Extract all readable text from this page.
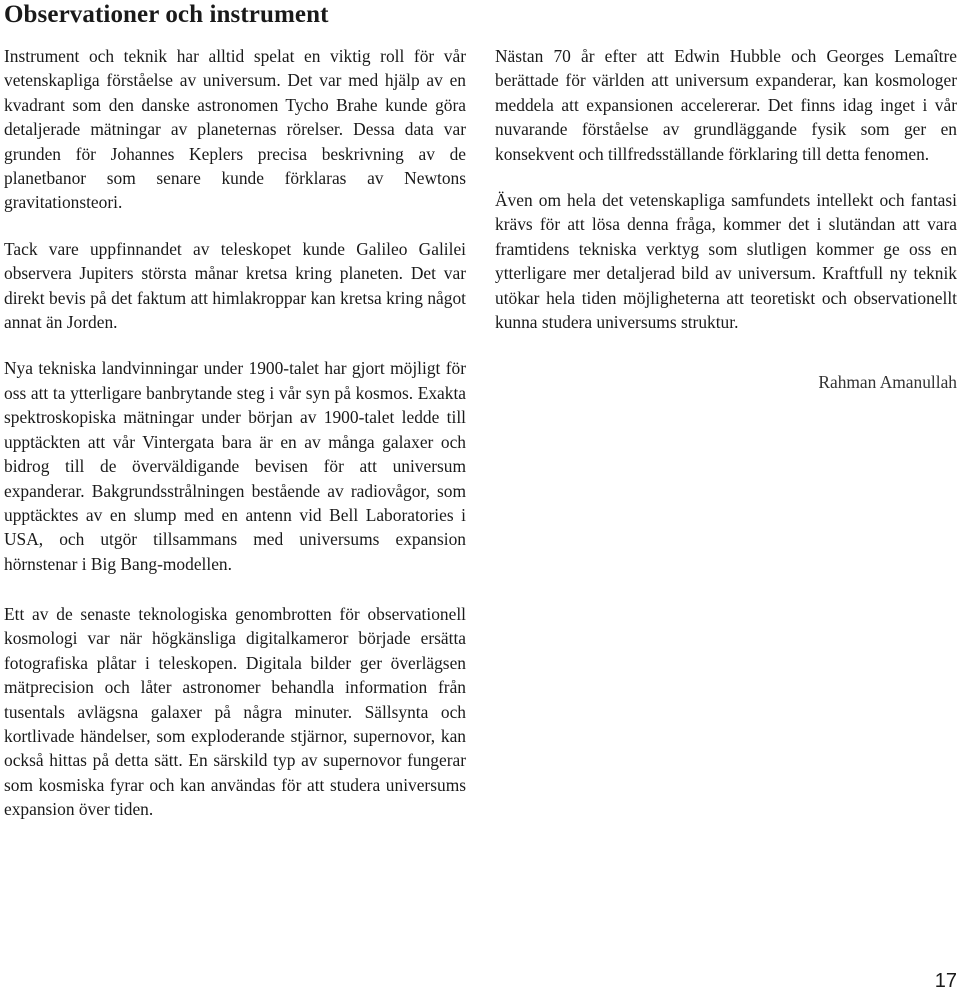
Observationer och instrument

Instrument och teknik har alltid spelat en viktig roll för vår vetenskapliga förståelse av universum. Det var med hjälp av en kvadrant som den danske astronomen Tycho Brahe kunde göra detaljerade mätningar av planeternas rörelser. Dessa data var grunden för Johannes Keplers precisa beskrivning av de planetbanor som senare kunde förklaras av Newtons gravitationsteori.

Tack vare uppfinnandet av teleskopet kunde Galileo Galilei observera Jupiters största månar kretsa kring planeten. Det var direkt bevis på det faktum att himlakroppar kan kretsa kring något annat än Jorden.

Nya tekniska landvinningar under 1900-talet har gjort möjligt för oss att ta ytterligare banbrytande steg i vår syn på kosmos. Exakta spektroskopiska mätningar under början av 1900-talet ledde till upptäckten att vår Vintergata bara är en av många galaxer och bidrog till de överväldigande bevisen för att universum expanderar. Bakgrundsstrålningen bestående av radiovågor, som upptäcktes av en slump med en antenn vid Bell Laboratories i USA, och utgör tillsammans med universums expansion hörnstenar i Big Bang-modellen.

Nästan 70 år efter att Edwin Hubble och Georges Lemaître berättade för världen att universum expanderar, kan kosmologer meddela att expansionen accelererar. Det finns idag inget i vår nuvarande förståelse av grundläggande fysik som ger en konsekvent och tillfredsställande förklaring till detta fenomen.

Även om hela det vetenskapliga samfundets intellekt och fantasi krävs för att lösa denna fråga, kommer det i slutändan att vara framtidens tekniska verktyg som slutligen kommer ge oss en ytterligare mer detaljerad bild av universum. Kraftfull ny teknik utökar hela tiden möjligheterna att teoretiskt och observationellt kunna studera universums struktur.

Rahman Amanullah

Ett av de senaste teknologiska genombrotten för observationell kosmologi var när högkänsliga digitalkameror började ersätta fotografiska plåtar i teleskopen. Digitala bilder ger överlägsen mätprecision och låter astronomer behandla information från tusentals avlägsna galaxer på några minuter. Sällsynta och kortlivade händelser, som exploderande stjärnor, supernovor, kan också hittas på detta sätt. En särskild typ av supernovor fungerar som kosmiska fyrar och kan användas för att studera universums expansion över tiden.

17
